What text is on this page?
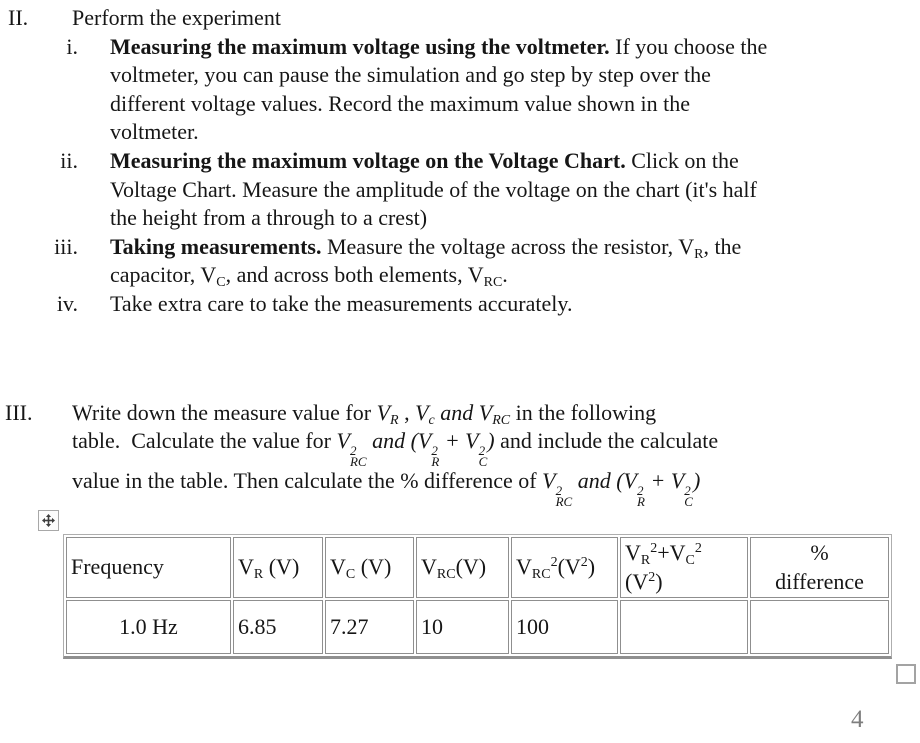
II.	Perform the experiment
i. Measuring the maximum voltage using the voltmeter. If you choose the
voltmeter, you can pause the simulation and go step by step over the
different voltage values. Record the maximum value shown in the
voltmeter.
ii. Measuring the maximum voltage on the Voltage Chart. Click on the
Voltage Chart. Measure the amplitude of the voltage on the chart (it's half
the height from a through to a crest)
iii. Taking measurements. Measure the voltage across the resistor, $V_R$, the
capacitor, $V_C$, and across both elements, $V_{RC}$.
iv. Take extra care to take the measurements accurately.
III.	Write down the measure value for $V_R$ , $V_c$ and $V_{RC}$ in the following
table.  Calculate the value for V 2
RC
and (V 2
R
+ V 2
C
) and include the calculate
value in the table. Then calculate the % difference of V 2
RC
and (V 2
R
+ V 2
C
)
Frequency	$V_R$ (V)	$V_C$ (V)	$V_{RC}(V)$	$V_{RC}^2(V^2)$	$V_R^2+V_C^2$ $(V^2)$	%
difference
1.0 Hz	6.85	7.27	10	100		
4
